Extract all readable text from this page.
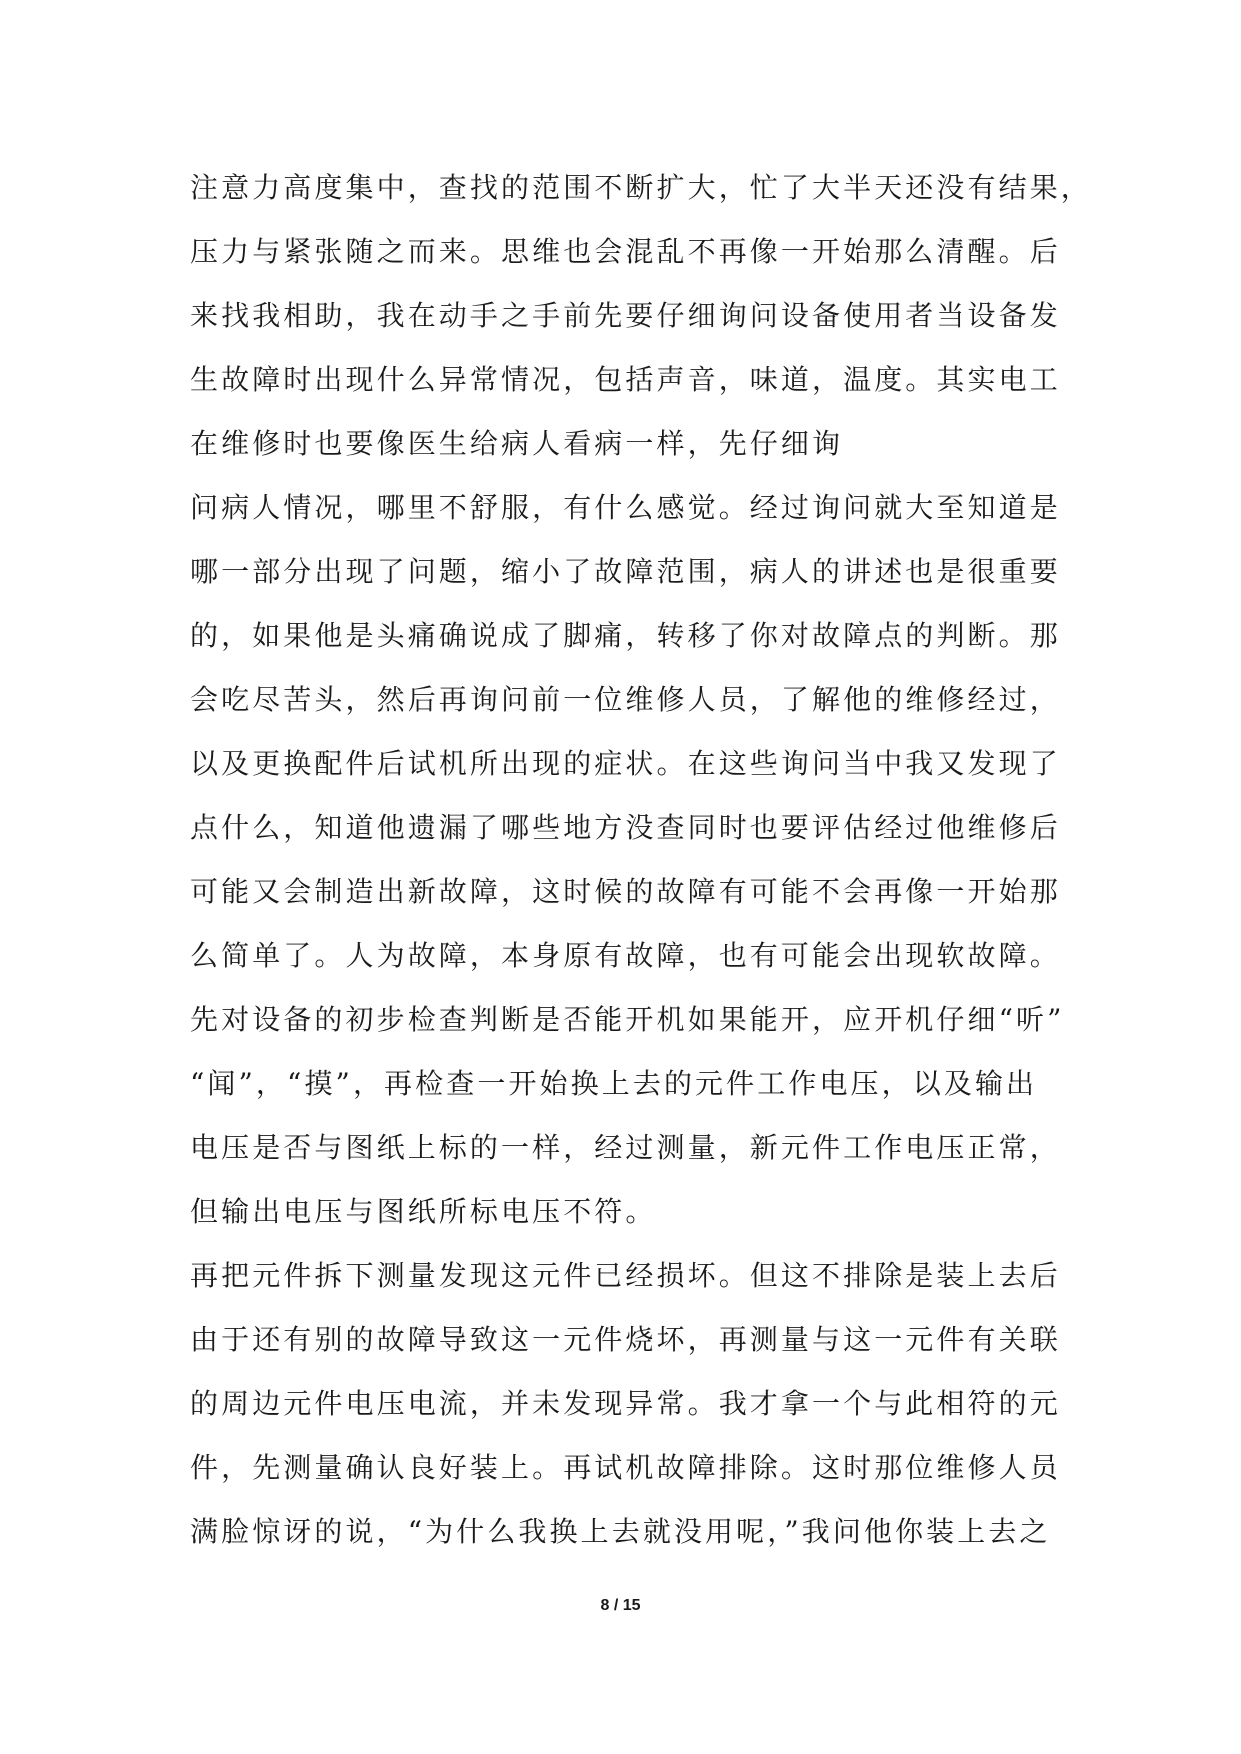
注意力高度集中，查找的范围不断扩大，忙了大半天还没有结果，
压力与紧张随之而来。思维也会混乱不再像一开始那么清醒。后
来找我相助，我在动手之手前先要仔细询问设备使用者当设备发
生故障时出现什么异常情况，包括声音，味道，温度。其实电工
在维修时也要像医生给病人看病一样，先仔细询
问病人情况，哪里不舒服，有什么感觉。经过询问就大至知道是
哪一部分出现了问题，缩小了故障范围，病人的讲述也是很重要
的，如果他是头痛确说成了脚痛，转移了你对故障点的判断。那
会吃尽苦头，然后再询问前一位维修人员，了解他的维修经过，
以及更换配件后试机所出现的症状。在这些询问当中我又发现了
点什么，知道他遗漏了哪些地方没查同时也要评估经过他维修后
可能又会制造出新故障，这时候的故障有可能不会再像一开始那
么简单了。人为故障，本身原有故障，也有可能会出现软故障。
先对设备的初步检查判断是否能开机如果能开，应开机仔细“听”
“闻”，“摸”，再检查一开始换上去的元件工作电压，以及输出
电压是否与图纸上标的一样，经过测量，新元件工作电压正常，
但输出电压与图纸所标电压不符。
再把元件拆下测量发现这元件已经损坏。但这不排除是装上去后
由于还有别的故障导致这一元件烧坏，再测量与这一元件有关联
的周边元件电压电流，并未发现异常。我才拿一个与此相符的元
件，先测量确认良好装上。再试机故障排除。这时那位维修人员
满脸惊讶的说，“为什么我换上去就没用呢，”我问他你装上去之
8 / 15
